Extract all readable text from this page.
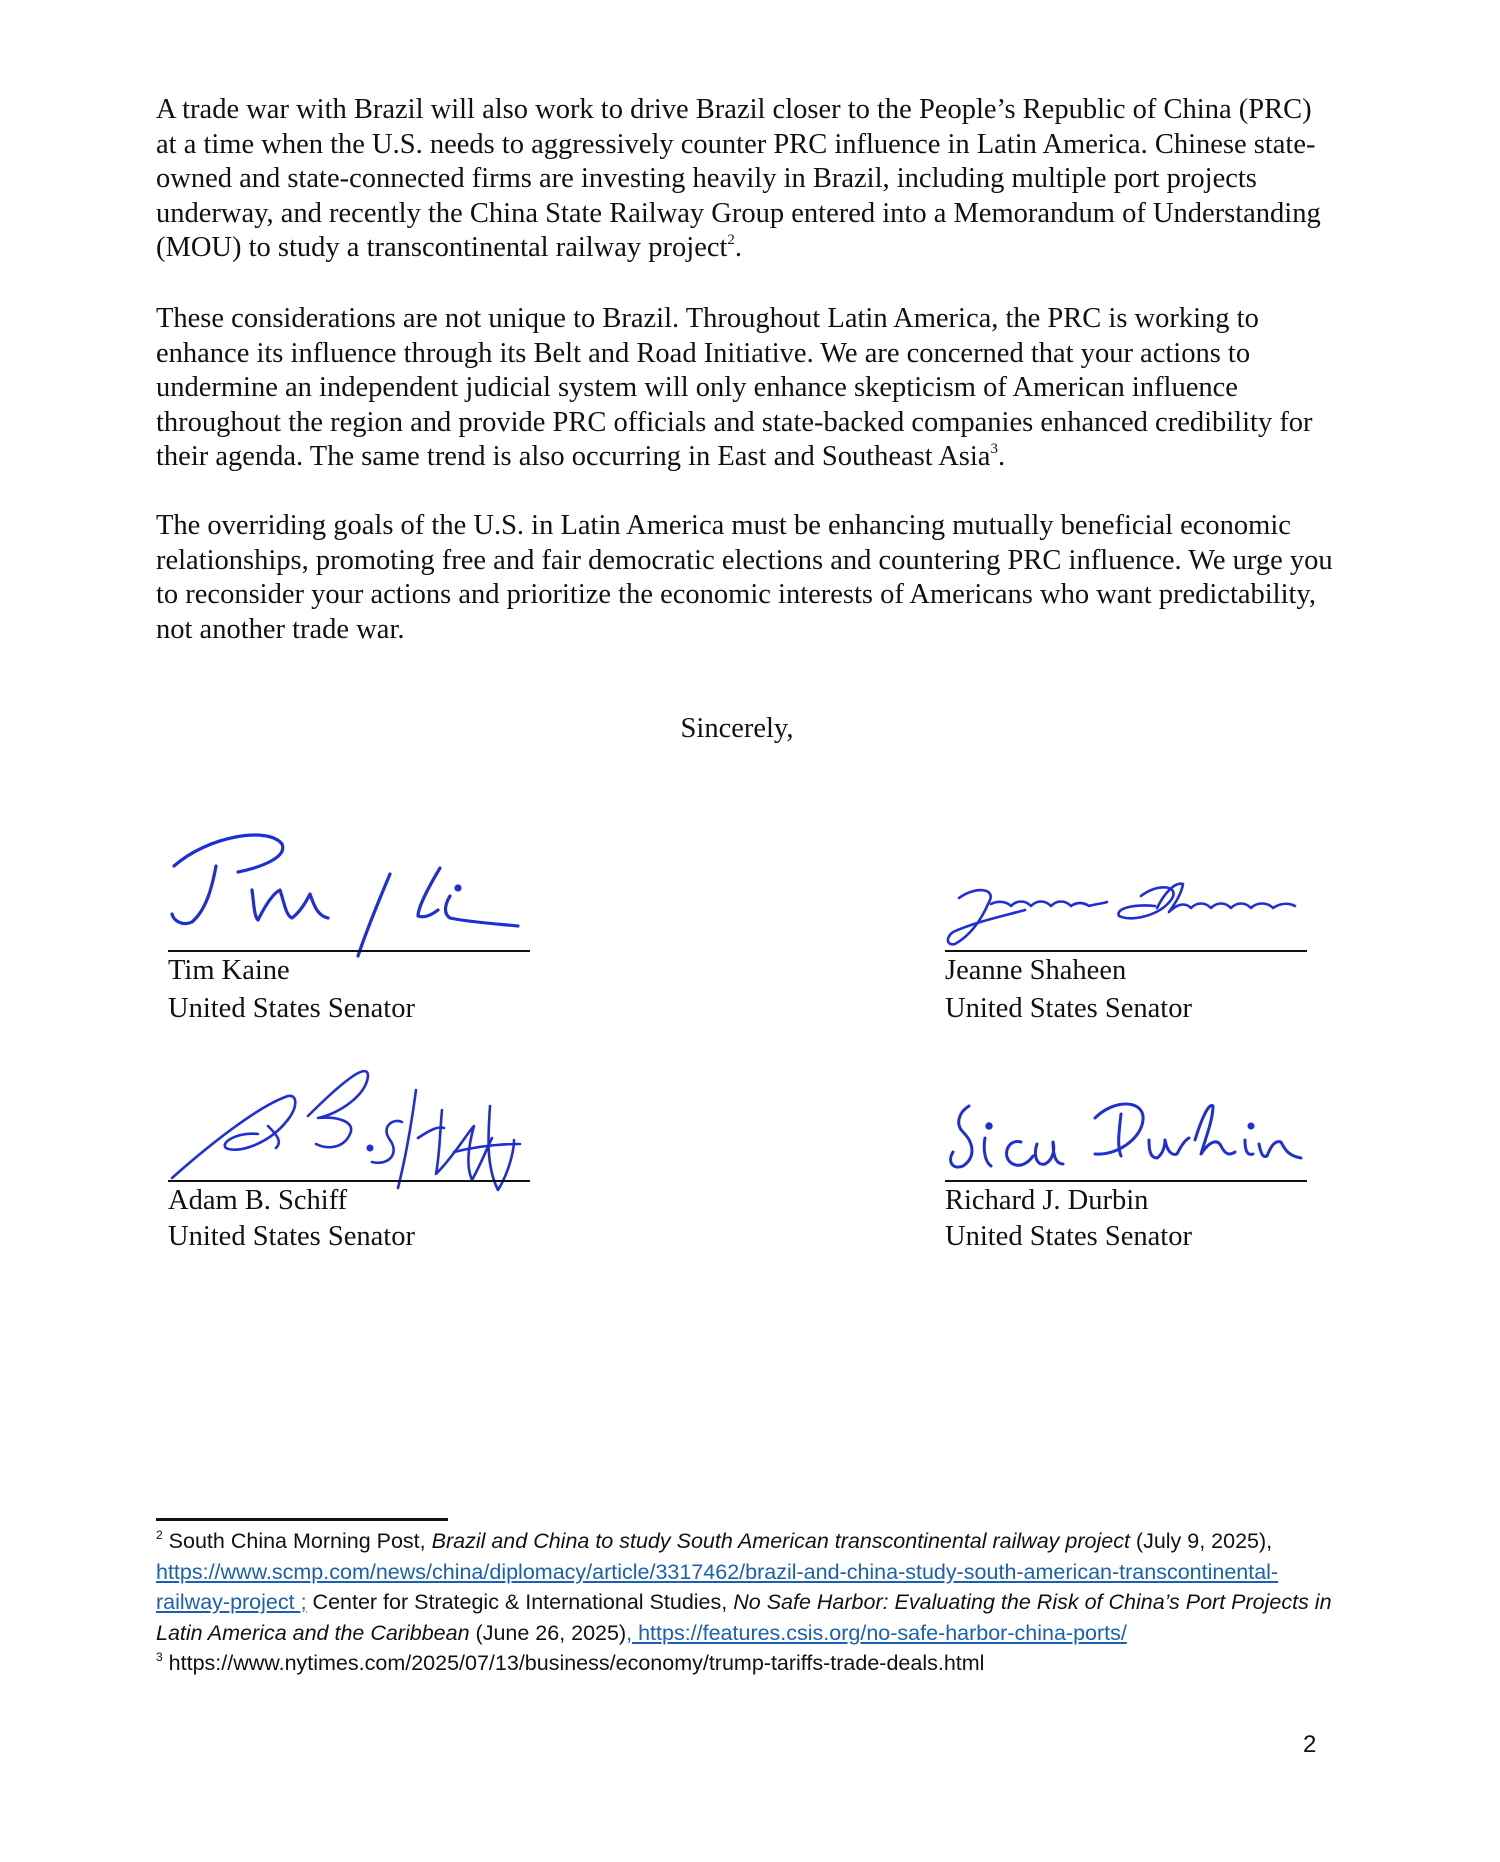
A trade war with Brazil will also work to drive Brazil closer to the People’s Republic of China (PRC) at a time when the U.S. needs to aggressively counter PRC influence in Latin America. Chinese state-owned and state-connected firms are investing heavily in Brazil, including multiple port projects underway, and recently the China State Railway Group entered into a Memorandum of Understanding (MOU) to study a transcontinental railway project$^2$.

These considerations are not unique to Brazil. Throughout Latin America, the PRC is working to enhance its influence through its Belt and Road Initiative. We are concerned that your actions to undermine an independent judicial system will only enhance skepticism of American influence throughout the region and provide PRC officials and state-backed companies enhanced credibility for their agenda. The same trend is also occurring in East and Southeast Asia$^3$.

The overriding goals of the U.S. in Latin America must be enhancing mutually beneficial economic relationships, promoting free and fair democratic elections and countering PRC influence. We urge you to reconsider your actions and prioritize the economic interests of Americans who want predictability, not another trade war.

Sincerely,
Tim Kaine
United States Senator
Jeanne Shaheen
United States Senator
Adam B. Schiff
United States Senator
Richard J. Durbin
United States Senator

$^2$ South China Morning Post, Brazil and China to study South American transcontinental railway project (July 9, 2025), https://www.scmp.com/news/china/diplomacy/article/3317462/brazil-and-china-study-south-american-transcontinental-railway-project ; Center for Strategic & International Studies, No Safe Harbor: Evaluating the Risk of China’s Port Projects in Latin America and the Caribbean (June 26, 2025), https://features.csis.org/no-safe-harbor-china-ports/

$^3$ https://www.nytimes.com/2025/07/13/business/economy/trump-tariffs-trade-deals.html

2
